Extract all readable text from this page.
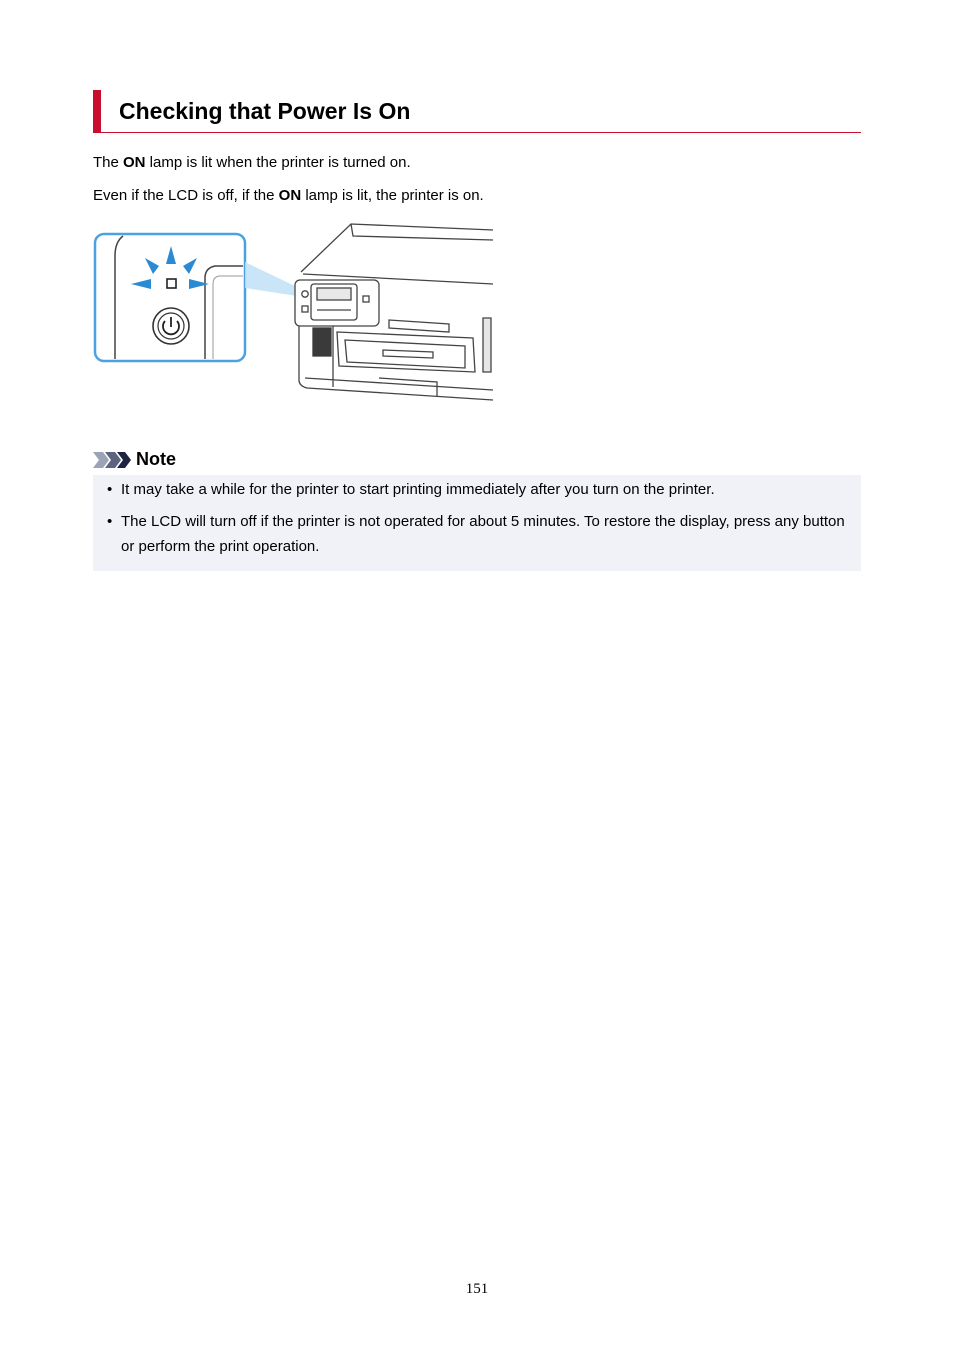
Checking that Power Is On

The ON lamp is lit when the printer is turned on.

Even if the LCD is off, if the ON lamp is lit, the printer is on.

Note
• It may take a while for the printer to start printing immediately after you turn on the printer.
• The LCD will turn off if the printer is not operated for about 5 minutes. To restore the display, press any button or perform the print operation.
151
